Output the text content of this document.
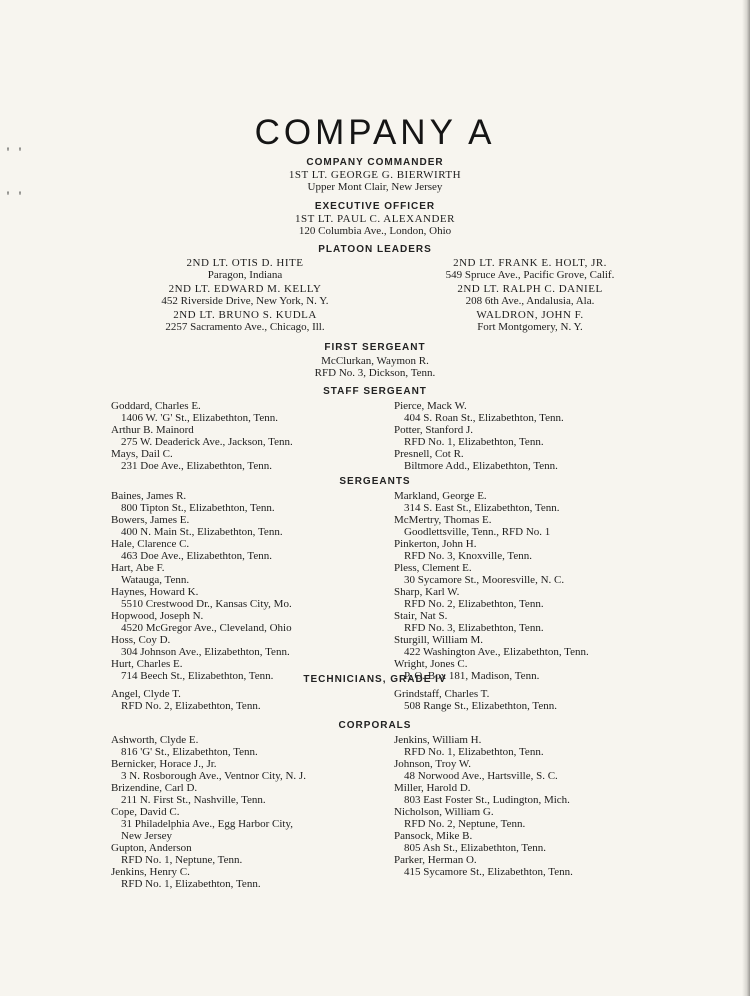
' '
' '
COMPANY A
COMPANY COMMANDER
1ST LT. GEORGE G. BIERWIRTH
Upper Mont Clair, New Jersey
EXECUTIVE OFFICER
1ST LT. PAUL C. ALEXANDER
120 Columbia Ave., London, Ohio
PLATOON LEADERS
2ND LT. OTIS D. HITE
Paragon, Indiana
2ND LT. FRANK E. HOLT, JR.
549 Spruce Ave., Pacific Grove, Calif.
2ND LT. EDWARD M. KELLY
452 Riverside Drive, New York, N. Y.
2ND LT. RALPH C. DANIEL
208 6th Ave., Andalusia, Ala.
2ND LT. BRUNO S. KUDLA
2257 Sacramento Ave., Chicago, Ill.
WALDRON, JOHN F.
Fort Montgomery, N. Y.
FIRST SERGEANT
McClurkan, Waymon R.
RFD No. 3, Dickson, Tenn.
STAFF SERGEANT
Goddard, Charles E.
1406 W. 'G' St., Elizabethton, Tenn.
Arthur B. Mainord
275 W. Deaderick Ave., Jackson, Tenn.
Mays, Dail C.
231 Doe Ave., Elizabethton, Tenn.
Pierce, Mack W.
404 S. Roan St., Elizabethton, Tenn.
Potter, Stanford J.
RFD No. 1, Elizabethton, Tenn.
Presnell, Cot R.
Biltmore Add., Elizabethton, Tenn.
SERGEANTS
Baines, James R.
800 Tipton St., Elizabethton, Tenn.
Bowers, James E.
400 N. Main St., Elizabethton, Tenn.
Hale, Clarence C.
463 Doe Ave., Elizabethton, Tenn.
Hart, Abe F.
Watauga, Tenn.
Haynes, Howard K.
5510 Crestwood Dr., Kansas City, Mo.
Hopwood, Joseph N.
4520 McGregor Ave., Cleveland, Ohio
Hoss, Coy D.
304 Johnson Ave., Elizabethton, Tenn.
Hurt, Charles E.
714 Beech St., Elizabethton, Tenn.
Markland, George E.
314 S. East St., Elizabethton, Tenn.
McMertry, Thomas E.
Goodlettsville, Tenn., RFD No. 1
Pinkerton, John H.
RFD No. 3, Knoxville, Tenn.
Pless, Clement E.
30 Sycamore St., Mooresville, N. C.
Sharp, Karl W.
RFD No. 2, Elizabethton, Tenn.
Stair, Nat S.
RFD No. 3, Elizabethton, Tenn.
Sturgill, William M.
422 Washington Ave., Elizabethton, Tenn.
Wright, Jones C.
P. O. Box 181, Madison, Tenn.
TECHNICIANS, GRADE IV
Angel, Clyde T.
RFD No. 2, Elizabethton, Tenn.
Grindstaff, Charles T.
508 Range St., Elizabethton, Tenn.
CORPORALS
Ashworth, Clyde E.
816 'G' St., Elizabethton, Tenn.
Bernicker, Horace J., Jr.
3 N. Rosborough Ave., Ventnor City, N. J.
Brizendine, Carl D.
211 N. First St., Nashville, Tenn.
Cope, David C.
31 Philadelphia Ave., Egg Harbor City,
New Jersey
Gupton, Anderson
RFD No. 1, Neptune, Tenn.
Jenkins, Henry C.
RFD No. 1, Elizabethton, Tenn.
Jenkins, William H.
RFD No. 1, Elizabethton, Tenn.
Johnson, Troy W.
48 Norwood Ave., Hartsville, S. C.
Miller, Harold D.
803 East Foster St., Ludington, Mich.
Nicholson, William G.
RFD No. 2, Neptune, Tenn.
Pansock, Mike B.
805 Ash St., Elizabethton, Tenn.
Parker, Herman O.
415 Sycamore St., Elizabethton, Tenn.
